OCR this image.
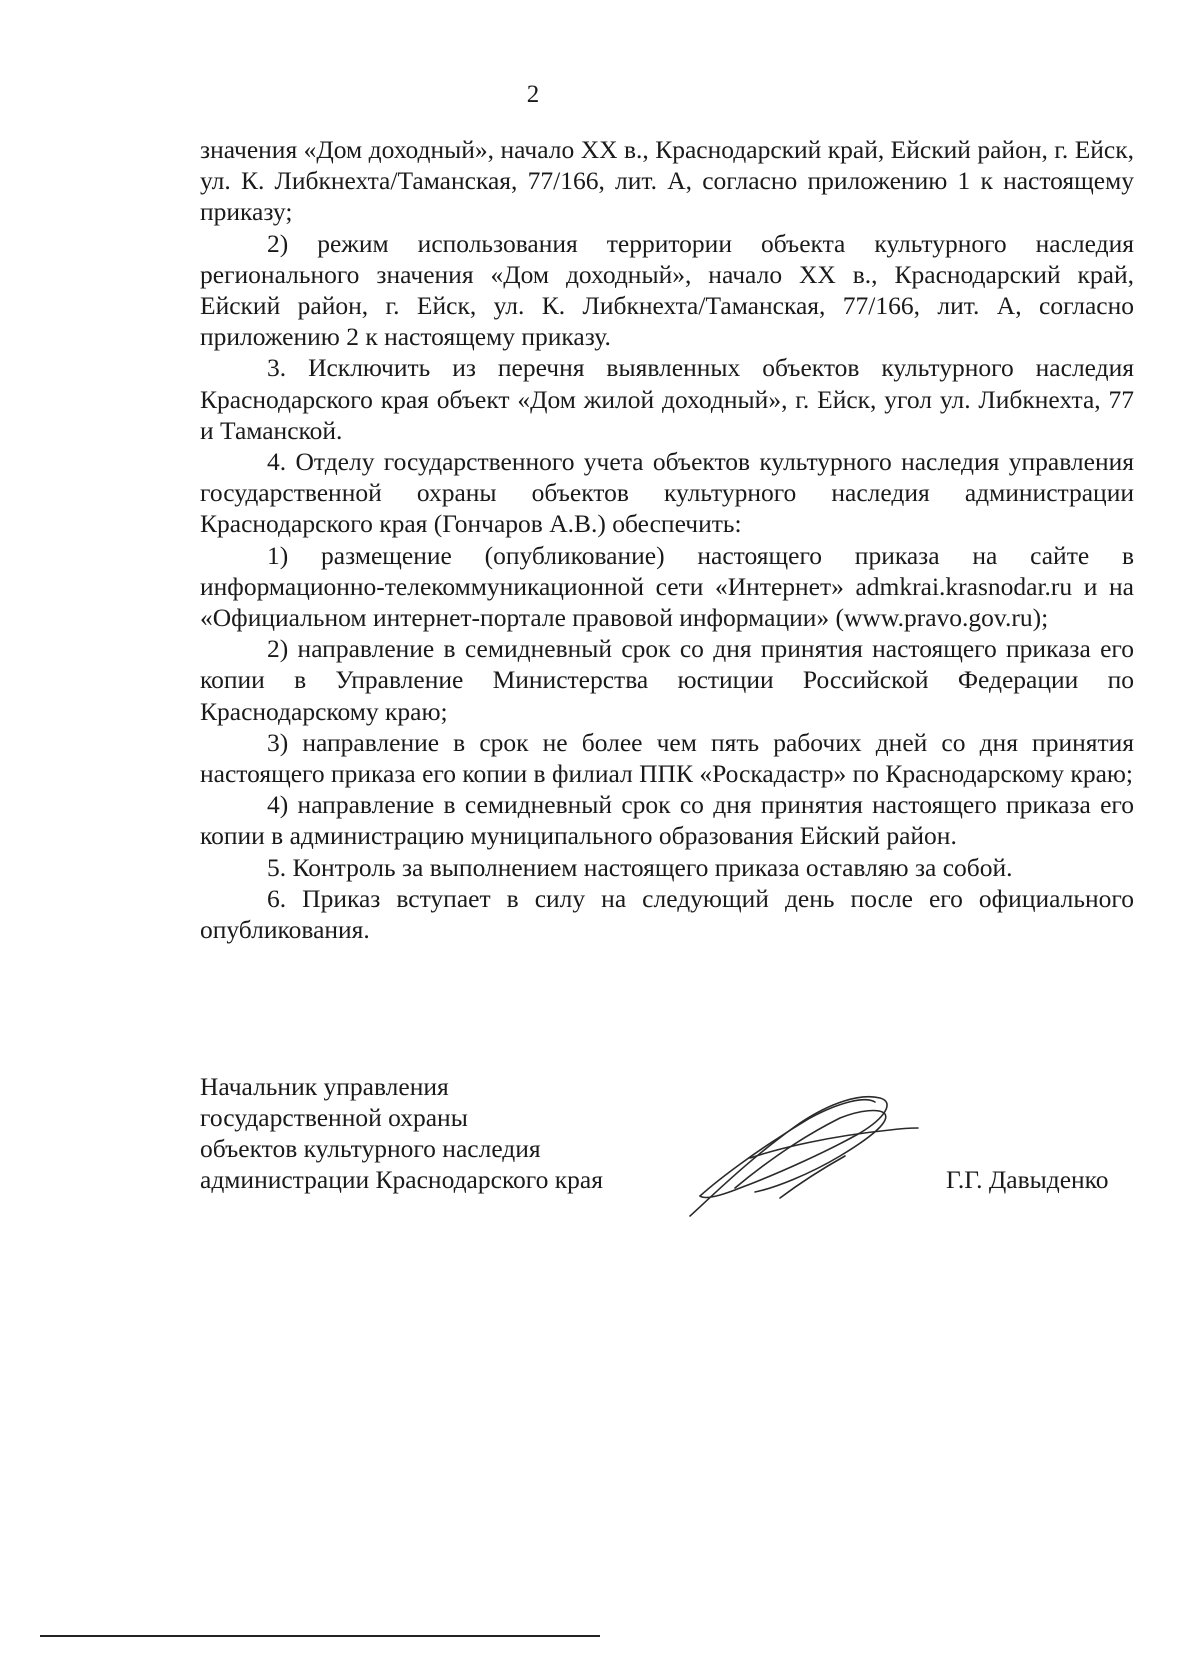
2

значения «Дом доходный», начало XX в., Краснодарский край, Ейский район, г. Ейск, ул. К. Либкнехта/Таманская, 77/166, лит. А, согласно приложению 1 к настоящему приказу;

2) режим использования территории объекта культурного наследия регионального значения «Дом доходный», начало XX в., Краснодарский край, Ейский район, г. Ейск, ул. К. Либкнехта/Таманская, 77/166, лит. А, согласно приложению 2 к настоящему приказу.

3. Исключить из перечня выявленных объектов культурного наследия Краснодарского края объект «Дом жилой доходный», г. Ейск, угол ул. Либкнехта, 77 и Таманской.

4. Отделу государственного учета объектов культурного наследия управления государственной охраны объектов культурного наследия администрации Краснодарского края (Гончаров А.В.) обеспечить:

1) размещение (опубликование) настоящего приказа на сайте в информационно-телекоммуникационной сети «Интернет» admkrai.krasnodar.ru и на «Официальном интернет-портале правовой информации» (www.pravo.gov.ru);

2) направление в семидневный срок со дня принятия настоящего приказа его копии в Управление Министерства юстиции Российской Федерации по Краснодарскому краю;

3) направление в срок не более чем пять рабочих дней со дня принятия настоящего приказа его копии в филиал ППК «Роскадастр» по Краснодарскому краю;

4) направление в семидневный срок со дня принятия настоящего приказа его копии в администрацию муниципального образования Ейский район.

5. Контроль за выполнением настоящего приказа оставляю за собой.

6. Приказ вступает в силу на следующий день после его официального опубликования.

Начальник управления
государственной охраны
объектов культурного наследия
администрации Краснодарского края	Г.Г. Давыденко
